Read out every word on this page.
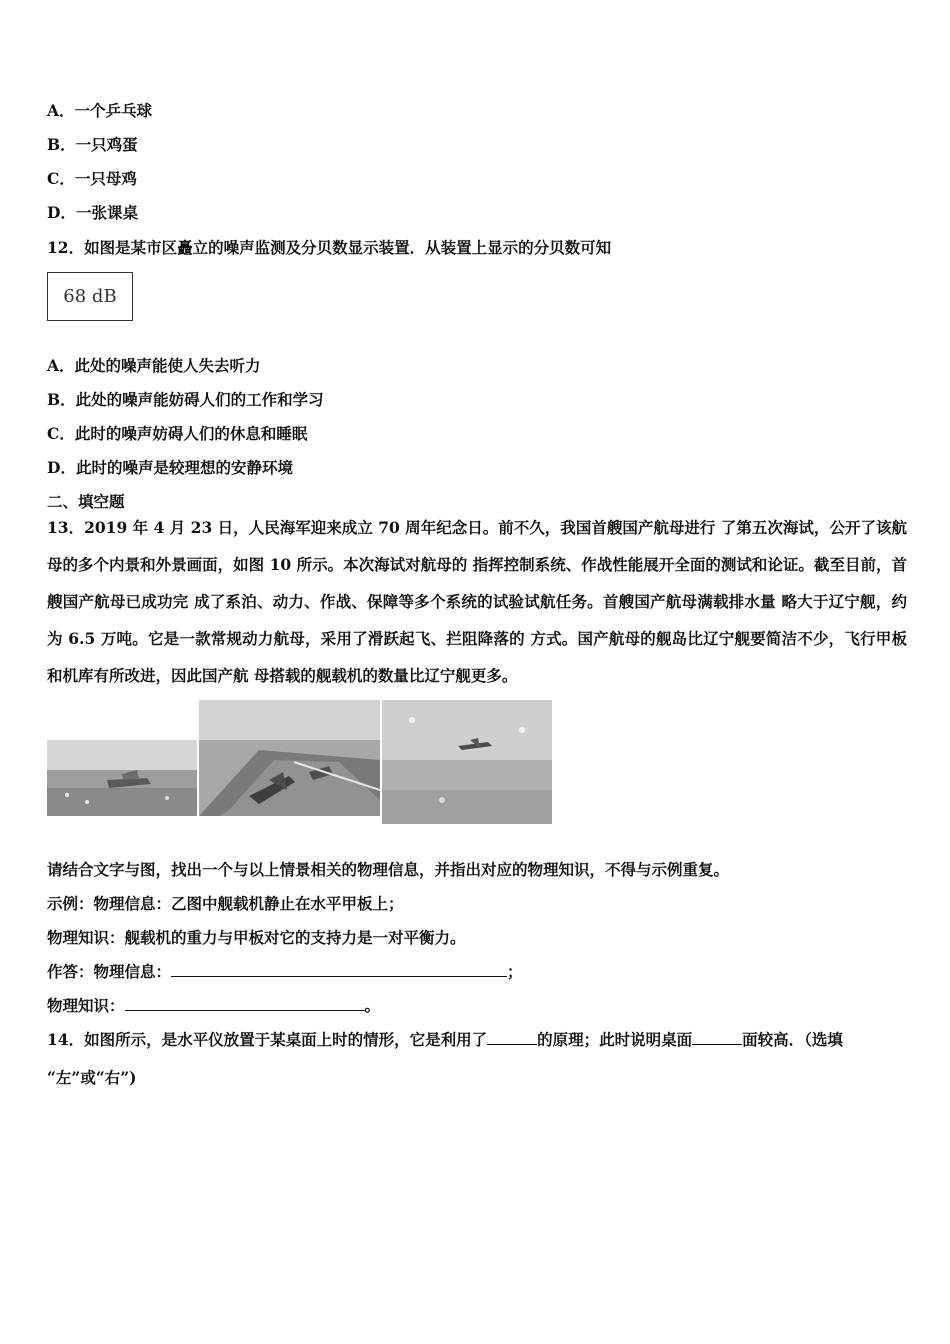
A．一个乒乓球
B．一只鸡蛋
C．一只母鸡
D．一张课桌
12．如图是某市区矗立的噪声监测及分贝数显示装置．从装置上显示的分贝数可知
68 dB
A．此处的噪声能使人失去听力
B．此处的噪声能妨碍人们的工作和学习
C．此时的噪声妨碍人们的休息和睡眠
D．此时的噪声是较理想的安静环境
二、填空题
13．2019 年 4 月 23 日，人民海军迎来成立 70 周年纪念日。前不久，我国首艘国产航母进行 了第五次海试，公开了该航母的多个内景和外景画面，如图 10 所示。本次海试对航母的 指挥控制系统、作战性能展开全面的测试和论证。截至目前，首艘国产航母已成功完 成了系泊、动力、作战、保障等多个系统的试验试航任务。首艘国产航母满载排水量 略大于辽宁舰，约为 6.5 万吨。它是一款常规动力航母，采用了滑跃起飞、拦阻降落的 方式。国产航母的舰岛比辽宁舰要简洁不少，飞行甲板和机库有所改进，因此国产航 母搭载的舰载机的数量比辽宁舰更多。
请结合文字与图，找出一个与以上情景相关的物理信息，并指出对应的物理知识，不得与示例重复。
示例：物理信息：乙图中舰载机静止在水平甲板上；
物理知识：舰载机的重力与甲板对它的支持力是一对平衡力。
作答：物理信息：	；
物理知识：	。
14．如图所示，是水平仪放置于某桌面上时的情形，它是利用了	的原理；此时说明桌面	面较高．（选填
“左”或“右”)
